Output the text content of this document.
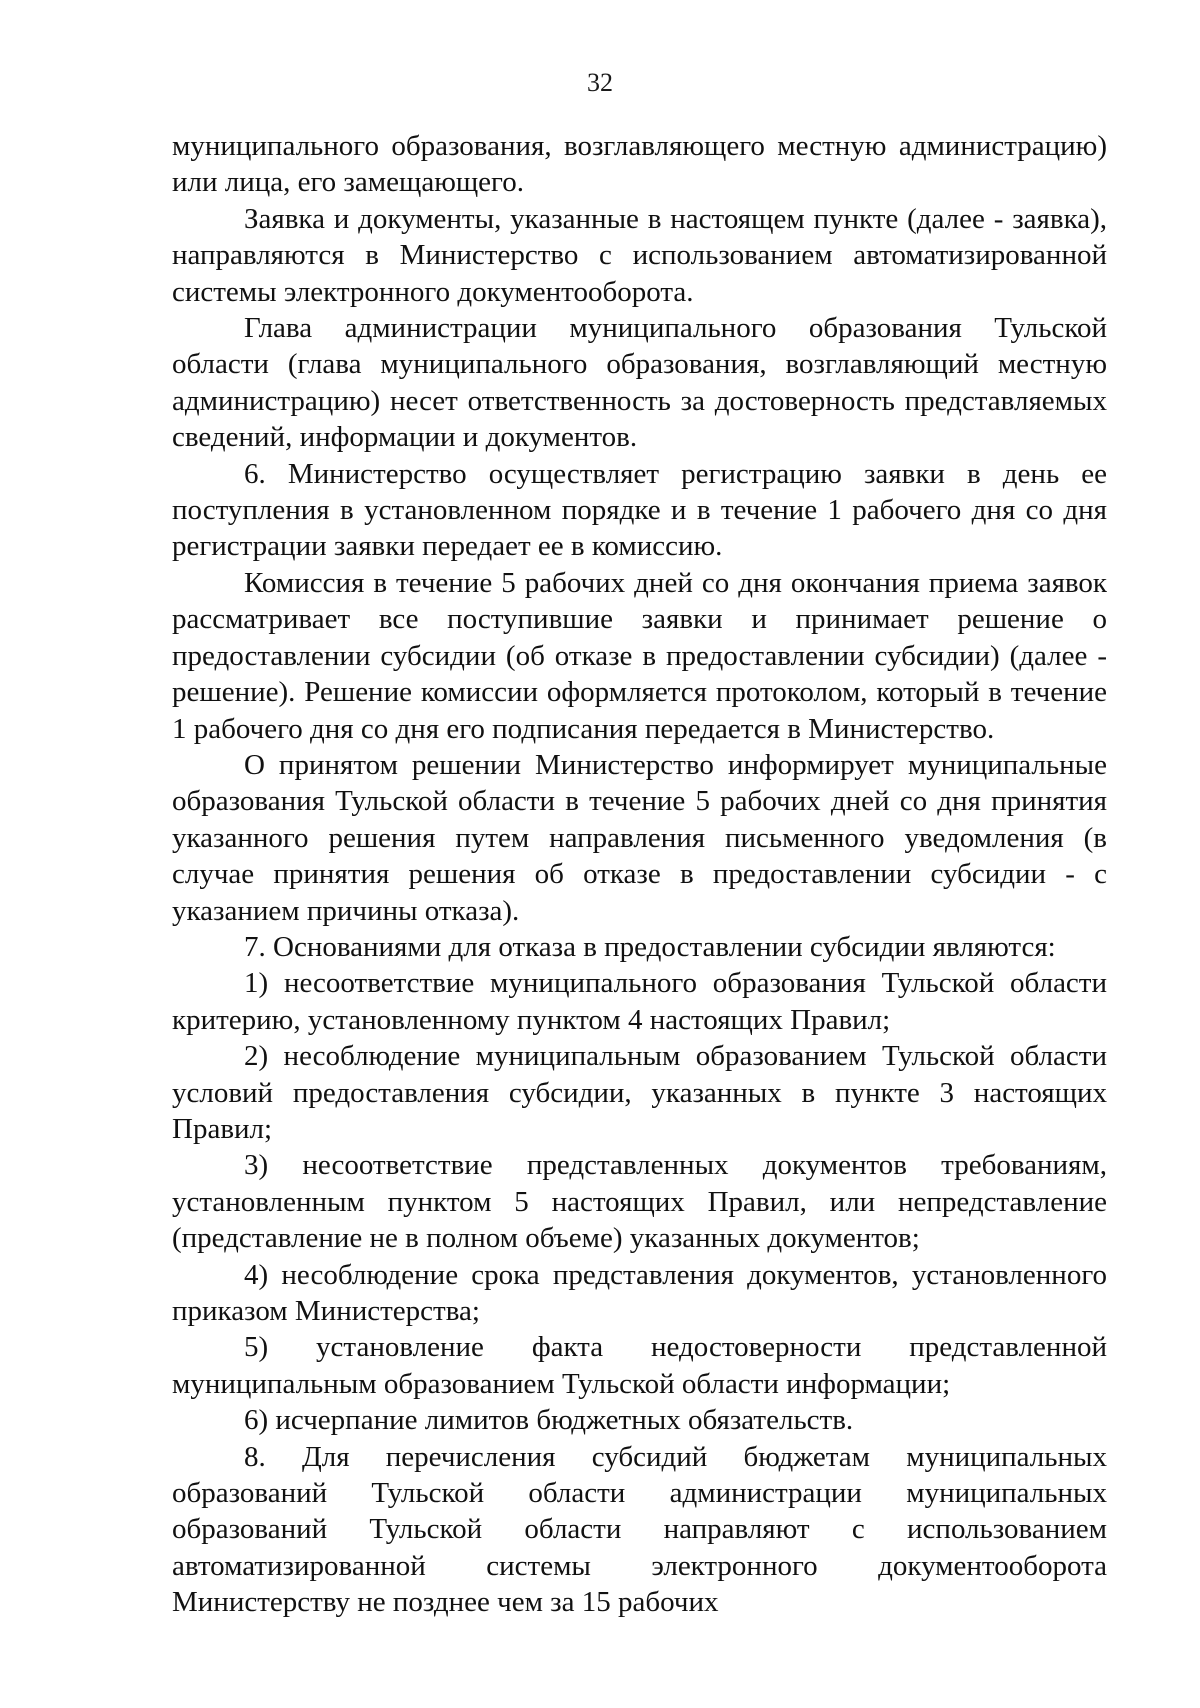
32

муниципального образования, возглавляющего местную администрацию) или лица, его замещающего.

Заявка и документы, указанные в настоящем пункте (далее - заявка), направляются в Министерство с использованием автоматизированной системы электронного документооборота.

Глава администрации муниципального образования Тульской области (глава муниципального образования, возглавляющий местную администрацию) несет ответственность за достоверность представляемых сведений, информации и документов.

6. Министерство осуществляет регистрацию заявки в день ее поступления в установленном порядке и в течение 1 рабочего дня со дня регистрации заявки передает ее в комиссию.

Комиссия в течение 5 рабочих дней со дня окончания приема заявок рассматривает все поступившие заявки и принимает решение о предоставлении субсидии (об отказе в предоставлении субсидии) (далее - решение). Решение комиссии оформляется протоколом, который в течение 1 рабочего дня со дня его подписания передается в Министерство.

О принятом решении Министерство информирует муниципальные образования Тульской области в течение 5 рабочих дней со дня принятия указанного решения путем направления письменного уведомления (в случае принятия решения об отказе в предоставлении субсидии - с указанием причины отказа).

7. Основаниями для отказа в предоставлении субсидии являются:

1) несоответствие муниципального образования Тульской области критерию, установленному пунктом 4 настоящих Правил;

2) несоблюдение муниципальным образованием Тульской области условий предоставления субсидии, указанных в пункте 3 настоящих Правил;

3) несоответствие представленных документов требованиям, установленным пунктом 5 настоящих Правил, или непредставление (представление не в полном объеме) указанных документов;

4) несоблюдение срока представления документов, установленного приказом Министерства;

5) установление факта недостоверности представленной муниципальным образованием Тульской области информации;

6) исчерпание лимитов бюджетных обязательств.

8. Для перечисления субсидий бюджетам муниципальных образований Тульской области администрации муниципальных образований Тульской области направляют с использованием автоматизированной системы электронного документооборота Министерству не позднее чем за 15 рабочих
